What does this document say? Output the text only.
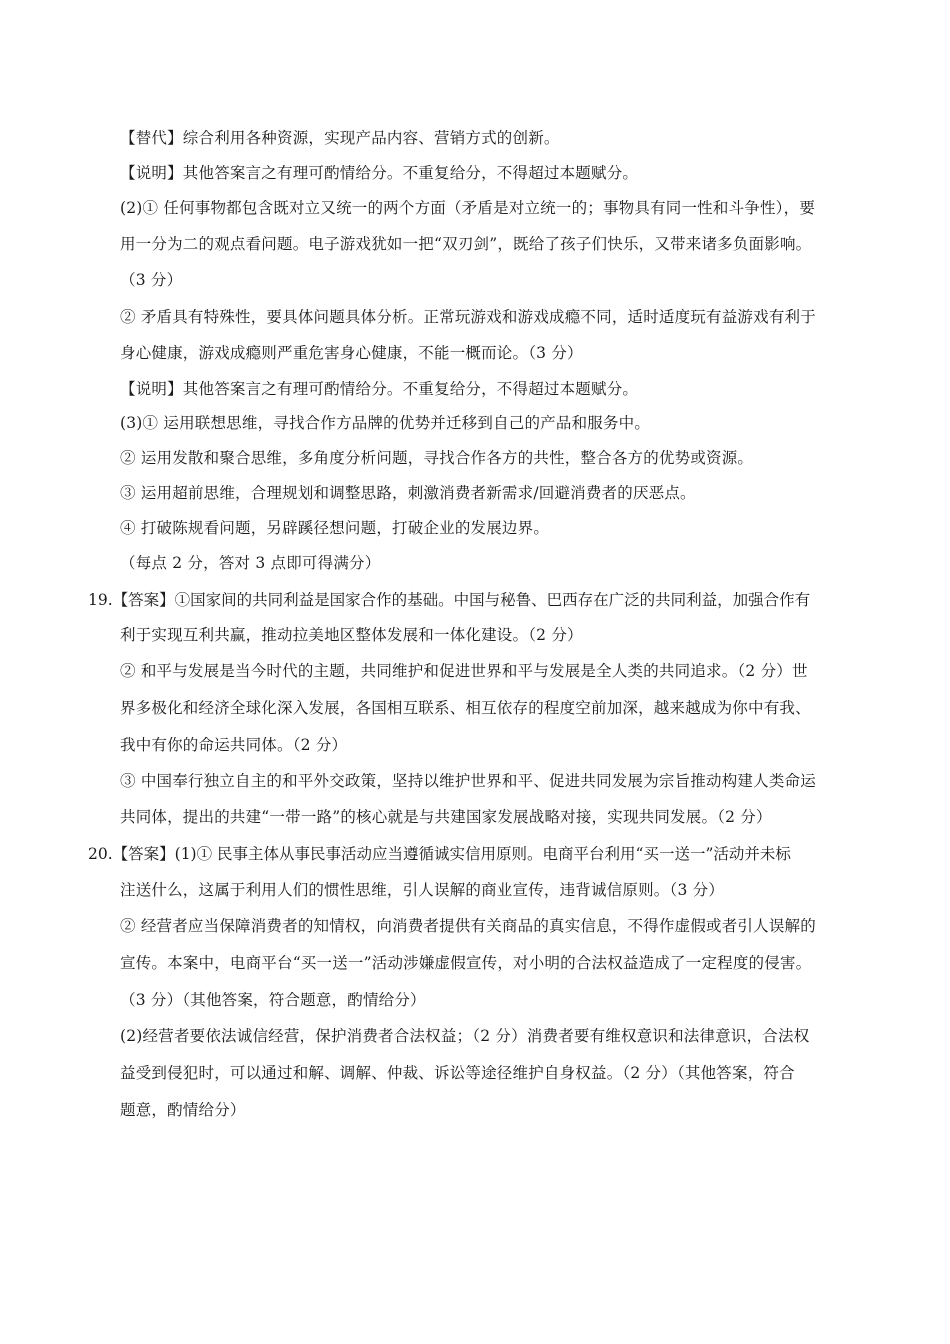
【替代】综合利用各种资源，实现产品内容、营销方式的创新。
【说明】其他答案言之有理可酌情给分。不重复给分，不得超过本题赋分。
(2)① 任何事物都包含既对立又统一的两个方面（矛盾是对立统一的；事物具有同一性和斗争性），要
用一分为二的观点看问题。电子游戏犹如一把“双刃剑”，既给了孩子们快乐，又带来诸多负面影响。
（3 分）
② 矛盾具有特殊性，要具体问题具体分析。正常玩游戏和游戏成瘾不同，适时适度玩有益游戏有利于
身心健康，游戏成瘾则严重危害身心健康，不能一概而论。（3 分）
【说明】其他答案言之有理可酌情给分。不重复给分，不得超过本题赋分。
(3)① 运用联想思维，寻找合作方品牌的优势并迁移到自己的产品和服务中。
② 运用发散和聚合思维，多角度分析问题，寻找合作各方的共性，整合各方的优势或资源。
③ 运用超前思维，合理规划和调整思路，刺激消费者新需求/回避消费者的厌恶点。
④ 打破陈规看问题，另辟蹊径想问题，打破企业的发展边界。
（每点 2 分，答对 3 点即可得满分）
19.【答案】①国家间的共同利益是国家合作的基础。中国与秘鲁、巴西存在广泛的共同利益，加强合作有
利于实现互利共赢，推动拉美地区整体发展和一体化建设。（2 分）
② 和平与发展是当今时代的主题，共同维护和促进世界和平与发展是全人类的共同追求。（2 分）世
界多极化和经济全球化深入发展，各国相互联系、相互依存的程度空前加深，越来越成为你中有我、
我中有你的命运共同体。（2 分）
③ 中国奉行独立自主的和平外交政策，坚持以维护世界和平、促进共同发展为宗旨推动构建人类命运
共同体，提出的共建“一带一路”的核心就是与共建国家发展战略对接，实现共同发展。（2 分）
20.【答案】(1)① 民事主体从事民事活动应当遵循诚实信用原则。电商平台利用“买一送一”活动并未标
注送什么，这属于利用人们的惯性思维，引人误解的商业宣传，违背诚信原则。（3 分）
② 经营者应当保障消费者的知情权，向消费者提供有关商品的真实信息，不得作虚假或者引人误解的
宣传。本案中，电商平台“买一送一”活动涉嫌虚假宣传，对小明的合法权益造成了一定程度的侵害。
（3 分）（其他答案，符合题意，酌情给分）
(2)经营者要依法诚信经营，保护消费者合法权益；（2 分）消费者要有维权意识和法律意识，合法权
益受到侵犯时，可以通过和解、调解、仲裁、诉讼等途径维护自身权益。（2 分）（其他答案，符合
题意，酌情给分）
